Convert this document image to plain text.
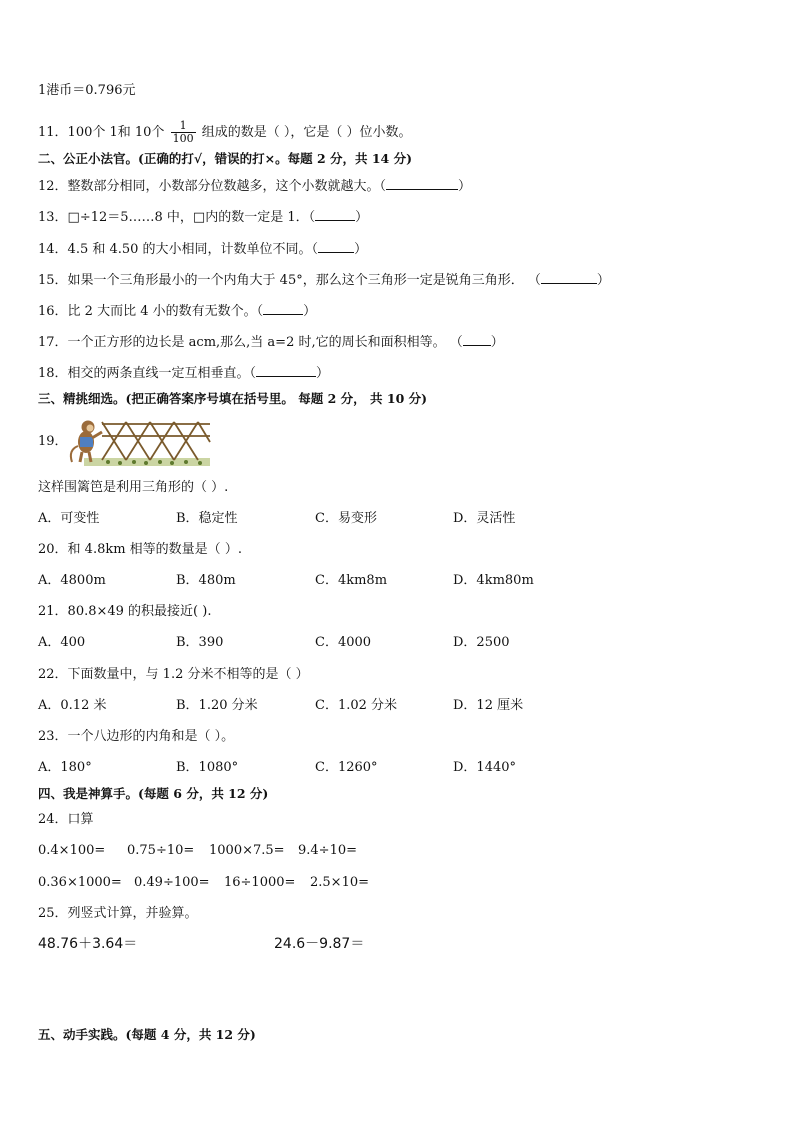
1港币＝0.796元
11．100个 1和 10个 $\frac{1}{100}$ 组成的数是（ ），它是（ ）位小数。
二、公正小法官。(正确的打√，错误的打×。每题 2 分，共 14 分)
12．整数部分相同，小数部分位数越多，这个小数就越大。（	）
13．□÷12＝5……8 中，□内的数一定是 1．（	）
14．4.5 和 4.50 的大小相同，计数单位不同。（	）
15．如果一个三角形最小的一个内角大于 45°，那么这个三角形一定是锐角三角形． （	）
16．比 2 大而比 4 小的数有无数个。（	）
17．一个正方形的边长是 acm,那么,当 a=2 时,它的周长和面积相等。 （ ）
18．相交的两条直线一定互相垂直。（	）
三、精挑细选。(把正确答案序号填在括号里。 每题 2 分， 共 10 分)
19．
这样围篱笆是利用三角形的（ ）.
A．可变性	B．稳定性	C．易变形	D．灵活性
20．和 4.8km 相等的数量是（ ）.
A．4800m	B．480m	C．4km8m	D．4km80m
21．80.8×49 的积最接近( ).
A．400	B．390	C．4000	D．2500
22．下面数量中，与 1.2 分米不相等的是（ ）
A．0.12 米	B．1.20 分米	C．1.02 分米	D．12 厘米
23．一个八边形的内角和是（ ）。
A．180°	B．1080°	C．1260°	D．1440°
四、我是神算手。(每题 6 分，共 12 分)
24．口算
0.4×100= 0.75÷10= 1000×7.5= 9.4÷10=
0.36×1000= 0.49÷100= 16÷1000= 2.5×10=
25．列竖式计算，并验算。
48.76＋3.64＝	24.6－9.87＝
五、动手实践。(每题 4 分，共 12 分)
